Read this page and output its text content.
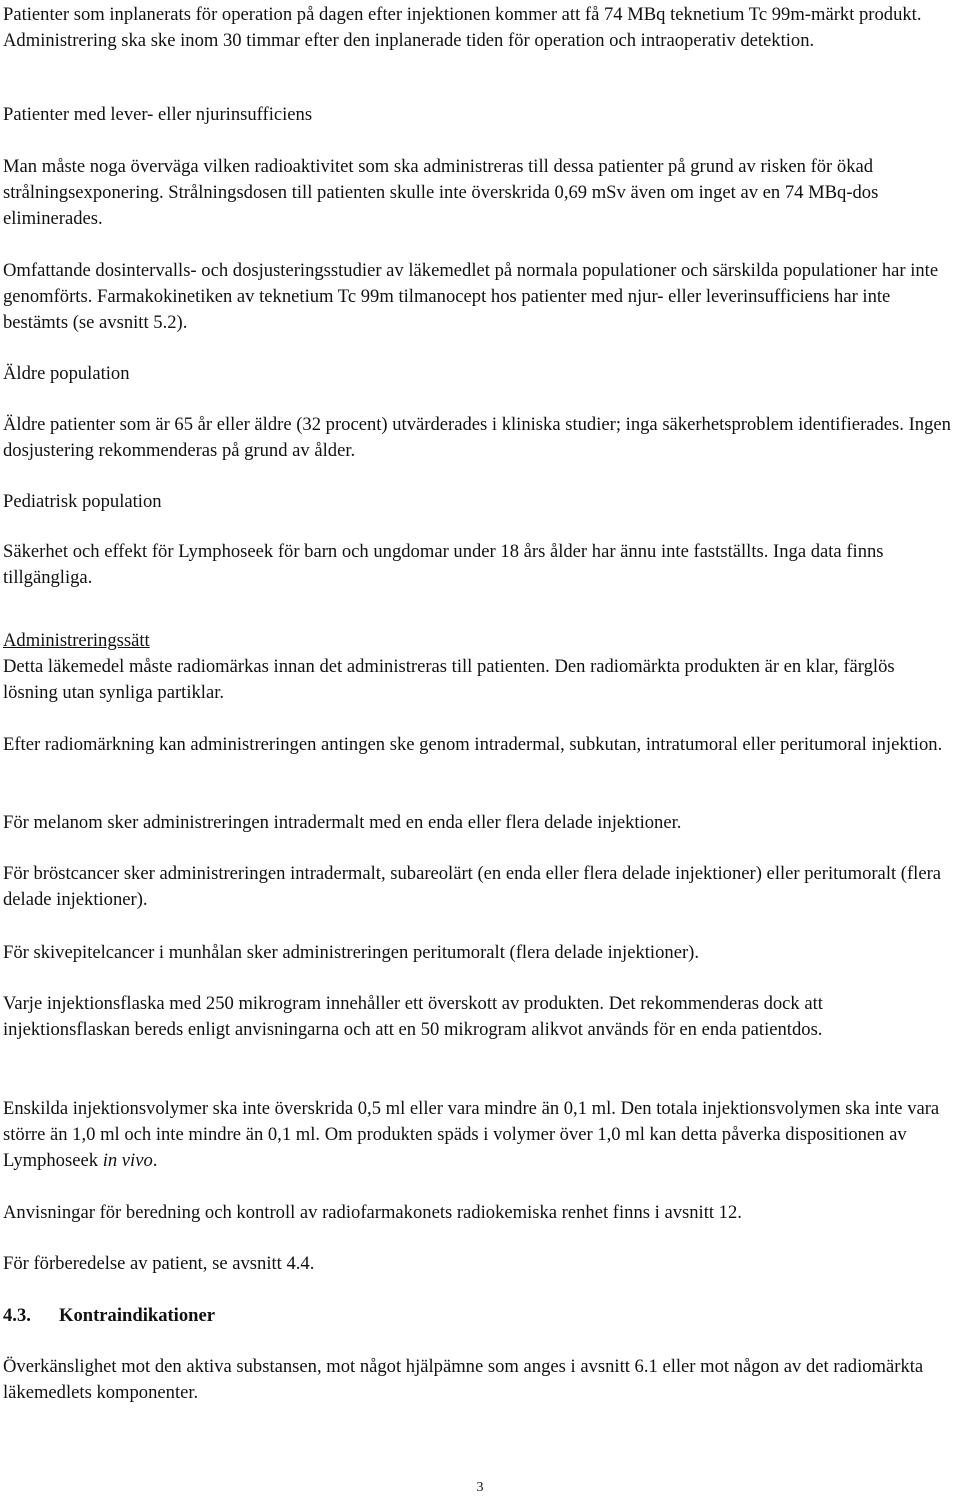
Patienter som inplanerats för operation på dagen efter injektionen kommer att få 74 MBq teknetium Tc 99m-märkt produkt. Administrering ska ske inom 30 timmar efter den inplanerade tiden för operation och intraoperativ detektion.

Patienter med lever- eller njurinsufficiens

Man måste noga överväga vilken radioaktivitet som ska administreras till dessa patienter på grund av risken för ökad strålningsexponering. Strålningsdosen till patienten skulle inte överskrida 0,69 mSv även om inget av en 74 MBq-dos eliminerades.

Omfattande dosintervalls- och dosjusteringsstudier av läkemedlet på normala populationer och särskilda populationer har inte genomförts. Farmakokinetiken av teknetium Tc 99m tilmanocept hos patienter med njur- eller leverinsufficiens har inte bestämts (se avsnitt 5.2).

Äldre population

Äldre patienter som är 65 år eller äldre (32 procent) utvärderades i kliniska studier; inga säkerhetsproblem identifierades. Ingen dosjustering rekommenderas på grund av ålder.

Pediatrisk population

Säkerhet och effekt för Lymphoseek för barn och ungdomar under 18 års ålder har ännu inte fastställts. Inga data finns tillgängliga.

Administreringssätt

Detta läkemedel måste radiomärkas innan det administreras till patienten. Den radiomärkta produkten är en klar, färglös lösning utan synliga partiklar.

Efter radiomärkning kan administreringen antingen ske genom intradermal, subkutan, intratumoral eller peritumoral injektion.

För melanom sker administreringen intradermalt med en enda eller flera delade injektioner.

För bröstcancer sker administreringen intradermalt, subareolärt (en enda eller flera delade injektioner) eller peritumoralt (flera delade injektioner).

För skivepitelcancer i munhålan sker administreringen peritumoralt (flera delade injektioner).

Varje injektionsflaska med 250 mikrogram innehåller ett överskott av produkten. Det rekommenderas dock att injektionsflaskan bereds enligt anvisningarna och att en 50 mikrogram alikvot används för en enda patientdos.

Enskilda injektionsvolymer ska inte överskrida 0,5 ml eller vara mindre än 0,1 ml. Den totala injektionsvolymen ska inte vara större än 1,0 ml och inte mindre än 0,1 ml. Om produkten späds i volymer över 1,0 ml kan detta påverka dispositionen av Lymphoseek in vivo.

Anvisningar för beredning och kontroll av radiofarmakonets radiokemiska renhet finns i avsnitt 12.

För förberedelse av patient, se avsnitt 4.4.

4.3. Kontraindikationer

Överkänslighet mot den aktiva substansen, mot något hjälpämne som anges i avsnitt 6.1 eller mot någon av det radiomärkta läkemedlets komponenter.

3
